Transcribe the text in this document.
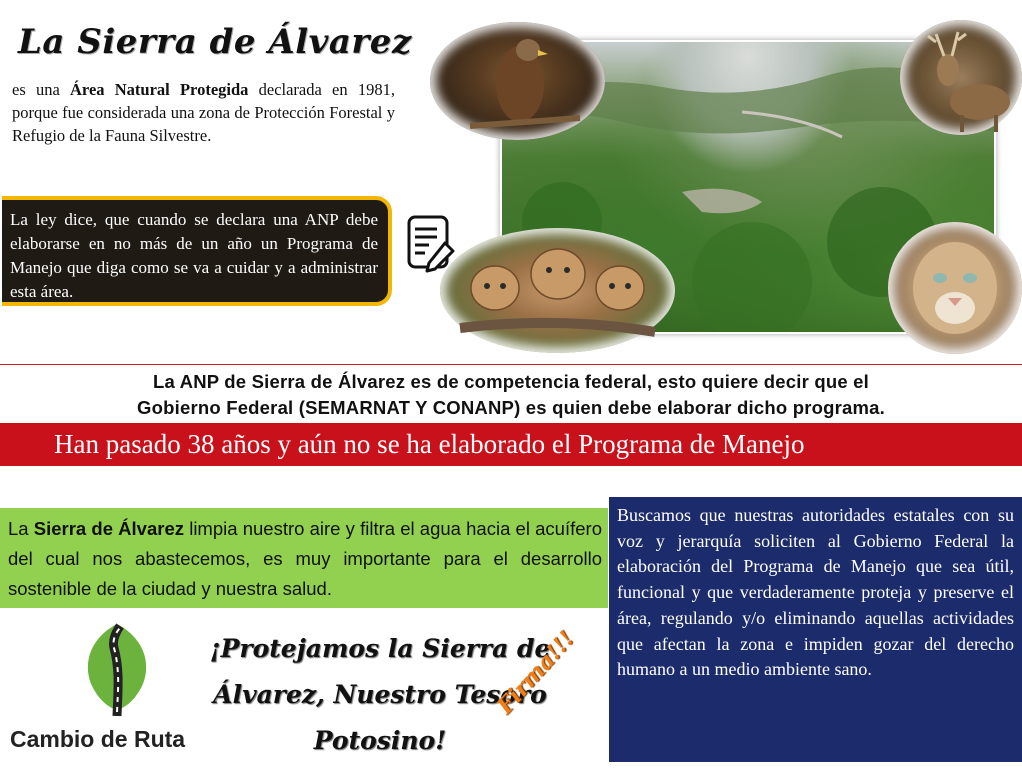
La Sierra de Álvarez

es una Área Natural Protegida declarada en 1981, porque fue considerada una zona de Protección Forestal y Refugio de la Fauna Silvestre.

La ley dice, que cuando se declara una ANP debe elaborarse en no más de un año un Programa de Manejo que diga como se va a cuidar y a administrar esta área.

La ANP de Sierra de Álvarez es de competencia federal, esto quiere decir que el
Gobierno Federal (SEMARNAT Y CONANP) es quien debe elaborar dicho programa.

Han pasado 38 años y aún no se ha elaborado el Programa de Manejo

La Sierra de Álvarez limpia nuestro aire y filtra el agua hacia el acuífero del cual nos abastecemos, es muy importante para el desarrollo sostenible de la ciudad y nuestra salud.

Cambio de Ruta

¡Protejamos la Sierra de
Álvarez, Nuestro Tesoro
Potosino!

Firma!!!

Buscamos que nuestras autoridades estatales con su voz y jerarquía soliciten al Gobierno Federal la elaboración del Programa de Manejo que sea útil, funcional y que verdaderamente proteja y preserve el área, regulando y/o eliminando aquellas actividades que afectan la zona e impiden gozar del derecho humano a un medio ambiente sano.
